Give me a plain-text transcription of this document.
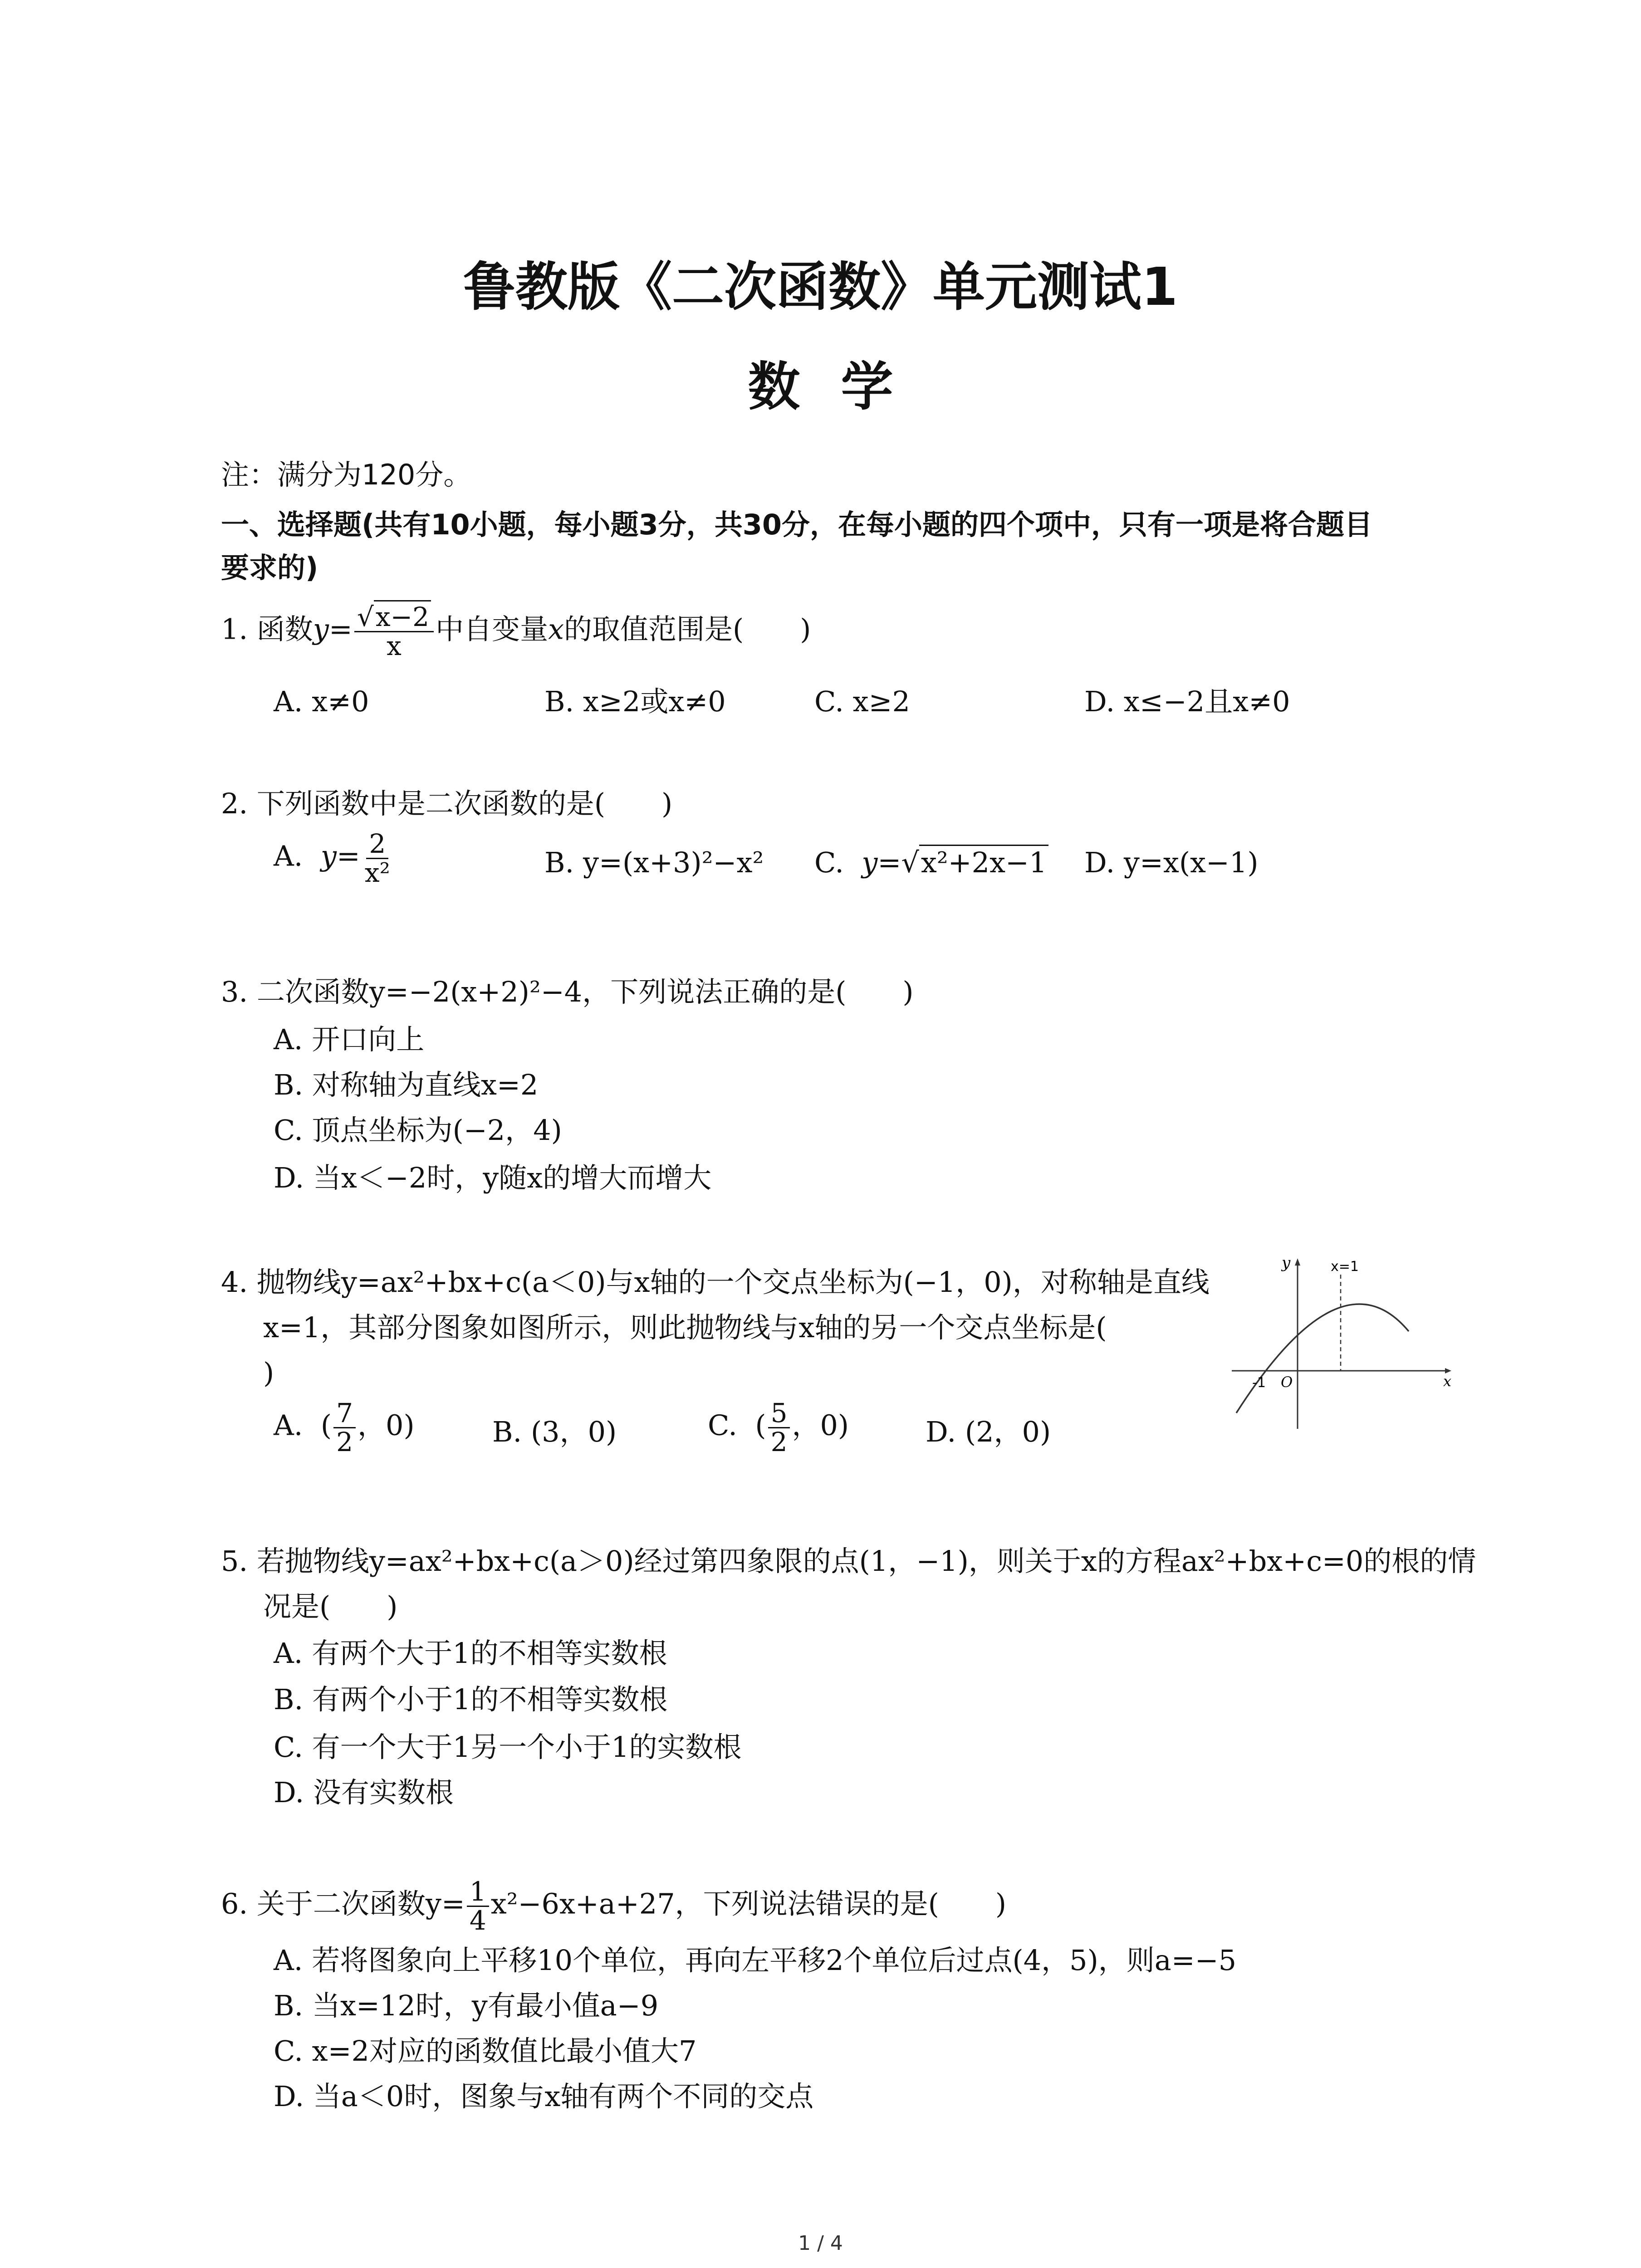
鲁教版《二次函数》单元测试1
数学
注：满分为120分。
一、选择题(共有10小题，每小题3分，共30分，在每小题的四个项中，只有一项是将合题目
要求的)
1. 函数$y= \frac{√x-2}{x}$ 中自变量x的取值范围是(　　)
A. x≠0	B. x≥2或x≠0	C. x≥2	D. x≤−2且x≠0
2. 下列函数中是二次函数的是(　　)
A. $y= \frac{2}{\text{x²}}$	B. y=(x+3)²−x² C. y=√x²+2x−1 D. y=x(x−1)
3. 二次函数y=−2(x+2)²−4，下列说法正确的是(　　)
A. 开口向上
B. 对称轴为直线x=2
C. 顶点坐标为(−2，4)
D. 当x＜−2时，y随x的增大而增大
4. 抛物线y=ax²+bx+c(a＜0)与x轴的一个交点坐标为(−1，0)，对称轴是直线
x=1，其部分图象如图所示，则此抛物线与x轴的另一个交点坐标是(
)
A. ( $\frac{7}{2}$ ，0)	B. (3，0)	C. ( $\frac{5}{2}$ ，0)	D. (2，0)
y
x
x=1
-1 O
5. 若抛物线y=ax²+bx+c(a＞0)经过第四象限的点(1，−1)，则关于x的方程ax²+bx+c=0的根的情
况是(　　)
A. 有两个大于1的不相等实数根
B. 有两个小于1的不相等实数根
C. 有一个大于1另一个小于1的实数根
D. 没有实数根
6. 关于二次函数$y= \frac{1}{4} x^2-6x+a+27$，下列说法错误的是(　　)
A. 若将图象向上平移10个单位，再向左平移2个单位后过点(4，5)，则a=−5
B. 当x=12时，y有最小值a−9
C. x=2对应的函数值比最小值大7
D. 当a＜0时，图象与x轴有两个不同的交点
1 / 4
